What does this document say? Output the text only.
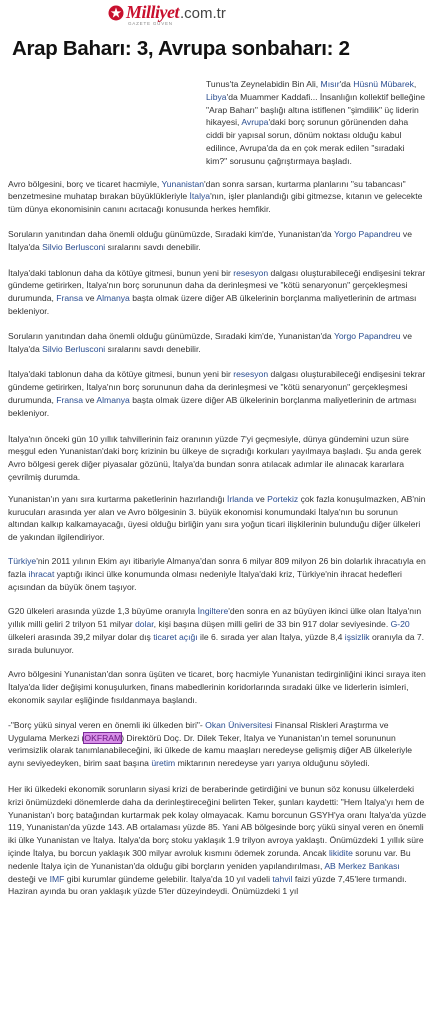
Milliyet .com.tr
GAZETE GÜVEN
Arap Baharı: 3, Avrupa sonbaharı: 2

Tunus'ta Zeynelabidin Bin Ali, Mısır'da Hüsnü Mübarek, Libya'da Muammer Kaddafi... İnsanlığın kollektif belleğine "Arap Baharı" başlığı altına istiflenen "şimdilik" üç liderin hikayesi, Avrupa'daki borç sorunun görünenden daha ciddi bir yapısal sorun, dönüm noktası olduğu kabul edilince, Avrupa'da da en çok merak edilen "sıradaki kim?" sorusunu çağrıştırmaya başladı.

Avro bölgesini, borç ve ticaret hacmiyle, Yunanistan'dan sonra sarsan, kurtarma planlarını "su tabancası" benzetmesine muhatap bırakan büyüklükleriyle İtalya'nın, işler planlandığı gibi gitmezse, kıtanın ve gelecekte tüm dünya ekonomisinin canını acıtacağı konusunda herkes hemfikir.

Soruların yanıtından daha önemli olduğu günümüzde, Sıradaki kim'de, Yunanistan'da Yorgo Papandreu ve İtalya'da Silvio Berlusconi sıralarını savdı denebilir.

İtalya'daki tablonun daha da kötüye gitmesi, bunun yeni bir resesyon dalgası oluşturabileceği endişesini tekrar gündeme getirirken, İtalya'nın borç sorununun daha da derinleşmesi ve "kötü senaryonun" gerçekleşmesi durumunda, Fransa ve Almanya başta olmak üzere diğer AB ülkelerinin borçlanma maliyetlerinin de artması bekleniyor.

Soruların yanıtından daha önemli olduğu günümüzde, Sıradaki kim'de, Yunanistan'da Yorgo Papandreu ve İtalya'da Silvio Berlusconi sıralarını savdı denebilir.

İtalya'daki tablonun daha da kötüye gitmesi, bunun yeni bir resesyon dalgası oluşturabileceği endişesini tekrar gündeme getirirken, İtalya'nın borç sorununun daha da derinleşmesi ve "kötü senaryonun" gerçekleşmesi durumunda, Fransa ve Almanya başta olmak üzere diğer AB ülkelerinin borçlanma maliyetlerinin de artması bekleniyor.

İtalya'nın önceki gün 10 yıllık tahvillerinin faiz oranının yüzde 7'yi geçmesiyle, dünya gündemini uzun süre meşgul eden Yunanistan'daki borç krizinin bu ülkeye de sıçradığı korkuları yayılmaya başladı. Şu anda gerek Avro bölgesi gerek diğer piyasalar gözünü, İtalya'da bundan sonra atılacak adımlar ile alınacak kararlara çevrilmiş durumda.

Yunanistan'ın yanı sıra kurtarma paketlerinin hazırlandığı İrlanda ve Portekiz çok fazla konuşulmazken, AB'nin kurucuları arasında yer alan ve Avro bölgesinin 3. büyük ekonomisi konumundaki İtalya'nın bu sorunun altından kalkıp kalkamayacağı, üyesi olduğu birliğin yanı sıra yoğun ticari ilişkilerinin bulunduğu diğer ülkeleri de yakından ilgilendiriyor.

Türkiye'nin 2011 yılının Ekim ayı itibariyle Almanya'dan sonra 6 milyar 809 milyon 26 bin dolarlık ihracatıyla en fazla ihracat yaptığı ikinci ülke konumunda olması nedeniyle İtalya'daki kriz, Türkiye'nin ihracat hedefleri açısından da büyük önem taşıyor.

G20 ülkeleri arasında yüzde 1,3 büyüme oranıyla İngiltere'den sonra en az büyüyen ikinci ülke olan İtalya'nın yıllık milli geliri 2 trilyon 51 milyar dolar, kişi başına düşen milli geliri de 33 bin 917 dolar seviyesinde. G-20 ülkeleri arasında 39,2 milyar dolar dış ticaret açığı ile 6. sırada yer alan İtalya, yüzde 8,4 işsizlik oranıyla da 7. sırada bulunuyor.

Avro bölgesini Yunanistan'dan sonra üşüten ve ticaret, borç hacmiyle Yunanistan tedirginliğini ikinci sıraya iten İtalya'da lider değişimi konuşulurken, finans mabedlerinin koridorlarında sıradaki ülke ve liderlerin isimleri, ekonomik sayılar eşliğinde fısıldanmaya başlandı.

-"Borç yükü sinyal veren en önemli iki ülkeden biri"- Okan Üniversitesi Finansal Riskleri Araştırma ve Uygulama Merkezi (OKFRAM) Direktörü Doç. Dr. Dilek Teker, İtalya ve Yunanistan'ın temel sorununun verimsizlik olarak tanımlanabileceğini, iki ülkede de kamu maaşları neredeyse gelişmiş diğer AB ülkeleriyle aynı seviyedeyken, birim saat başına üretim miktarının neredeyse yarı yarıya olduğunu söyledi.

Her iki ülkedeki ekonomik sorunların siyasi krizi de beraberinde getirdiğini ve bunun söz konusu ülkelerdeki krizi önümüzdeki dönemlerde daha da derinleştireceğini belirten Teker, şunları kaydetti: "Hem İtalya'yı hem de Yunanistan'ı borç batağından kurtarmak pek kolay olmayacak. Kamu borcunun GSYH'ya oranı İtalya'da yüzde 119, Yunanistan'da yüzde 143. AB ortalaması yüzde 85. Yani AB bölgesinde borç yükü sinyal veren en önemli iki ülke Yunanistan ve İtalya. İtalya'da borç stoku yaklaşık 1.9 trilyon avroya yaklaştı. Önümüzdeki 1 yıllık süre içinde İtalya, bu borcun yaklaşık 300 milyar avroluk kısmını ödemek zorunda. Ancak likidite sorunu var. Bu nedenle İtalya için de Yunanistan'da olduğu gibi borçların yeniden yapılandırılması, AB Merkez Bankası desteği ve IMF gibi kurumlar gündeme gelebilir. İtalya'da 10 yıl vadeli tahvil faizi yüzde 7,45'lere tırmandı. Haziran ayında bu oran yaklaşık yüzde 5'ler düzeyindeydi. Önümüzdeki 1 yıl
